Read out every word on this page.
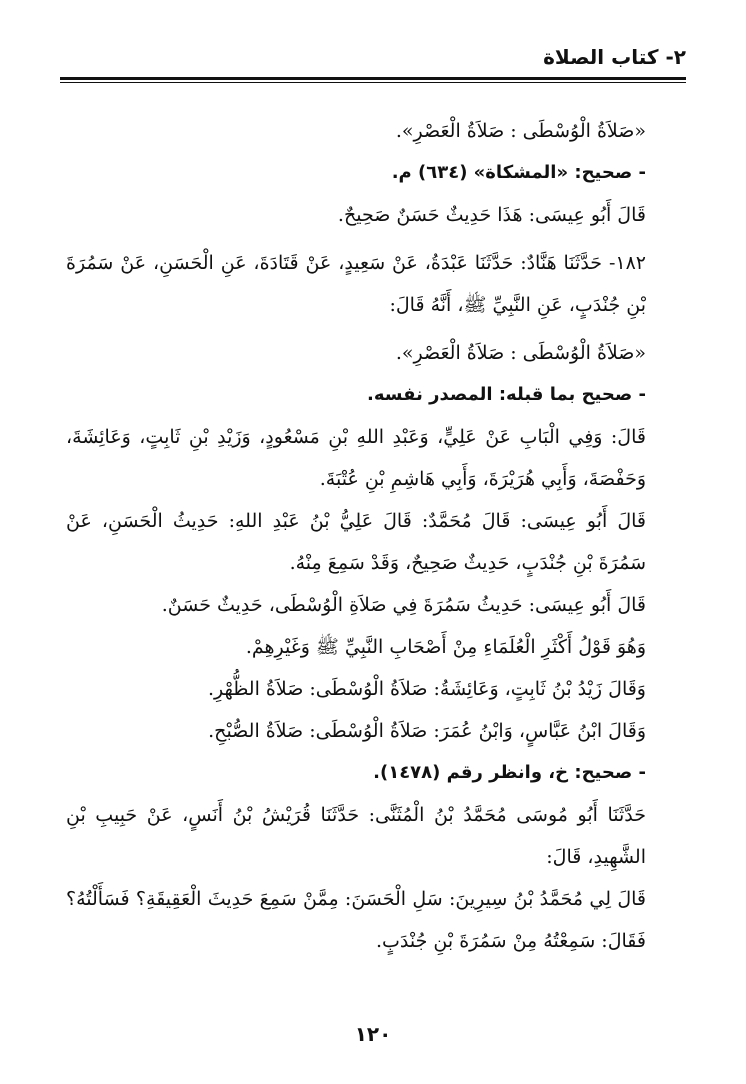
٢- كتاب الصلاة

«صَلاَةُ الْوُسْطَى : صَلاَةُ الْعَصْرِ».

- صحيح: «المشكاة» (٦٣٤) م.

قَالَ أَبُو عِيسَى: هَذَا حَدِيثٌ حَسَنٌ صَحِيحٌ.

١٨٢- حَدَّثَنَا هَنَّادٌ: حَدَّثَنَا عَبْدَةُ، عَنْ سَعِيدٍ، عَنْ قَتَادَةَ، عَنِ الْحَسَنِ، عَنْ سَمُرَةَ بْنِ جُنْدَبٍ، عَنِ النَّبِيِّ ﷺ، أَنَّهُ قَالَ:

«صَلاَةُ الْوُسْطَى : صَلاَةُ الْعَصْرِ».

- صحيح بما قبله: المصدر نفسه.

قَالَ: وَفِي الْبَابِ عَنْ عَلِيٍّ، وَعَبْدِ اللهِ بْنِ مَسْعُودٍ، وَزَيْدِ بْنِ ثَابِتٍ، وَعَائِشَةَ، وَحَفْصَةَ، وَأَبِي هُرَيْرَةَ، وَأَبِي هَاشِمِ بْنِ عُتْبَةَ.

قَالَ أَبُو عِيسَى: قَالَ مُحَمَّدٌ: قَالَ عَلِيُّ بْنُ عَبْدِ اللهِ: حَدِيثُ الْحَسَنِ، عَنْ سَمُرَةَ بْنِ جُنْدَبٍ، حَدِيثٌ صَحِيحٌ، وَقَدْ سَمِعَ مِنْهُ.

قَالَ أَبُو عِيسَى: حَدِيثُ سَمُرَةَ فِي صَلاَةِ الْوُسْطَى، حَدِيثٌ حَسَنٌ.

وَهُوَ قَوْلُ أَكْثَرِ الْعُلَمَاءِ مِنْ أَصْحَابِ النَّبِيِّ ﷺ وَغَيْرِهِمْ.

وَقَالَ زَيْدُ بْنُ ثَابِتٍ، وَعَائِشَةُ: صَلاَةُ الْوُسْطَى: صَلاَةُ الظُّهْرِ.

وَقَالَ ابْنُ عَبَّاسٍ، وَابْنُ عُمَرَ: صَلاَةُ الْوُسْطَى: صَلاَةُ الصُّبْحِ.

- صحيح: خ، وانظر رقم (١٤٧٨).

حَدَّثَنَا أَبُو مُوسَى مُحَمَّدُ بْنُ الْمُثَنَّى: حَدَّثَنَا قُرَيْشُ بْنُ أَنَسٍ، عَنْ حَبِيبِ بْنِ الشَّهِيدِ، قَالَ:

قَالَ لِي مُحَمَّدُ بْنُ سِيرِينَ: سَلِ الْحَسَنَ: مِمَّنْ سَمِعَ حَدِيثَ الْعَقِيقَةِ؟ فَسَأَلْتُهُ؟ فَقَالَ: سَمِعْتُهُ مِنْ سَمُرَةَ بْنِ جُنْدَبٍ.

١٢٠
